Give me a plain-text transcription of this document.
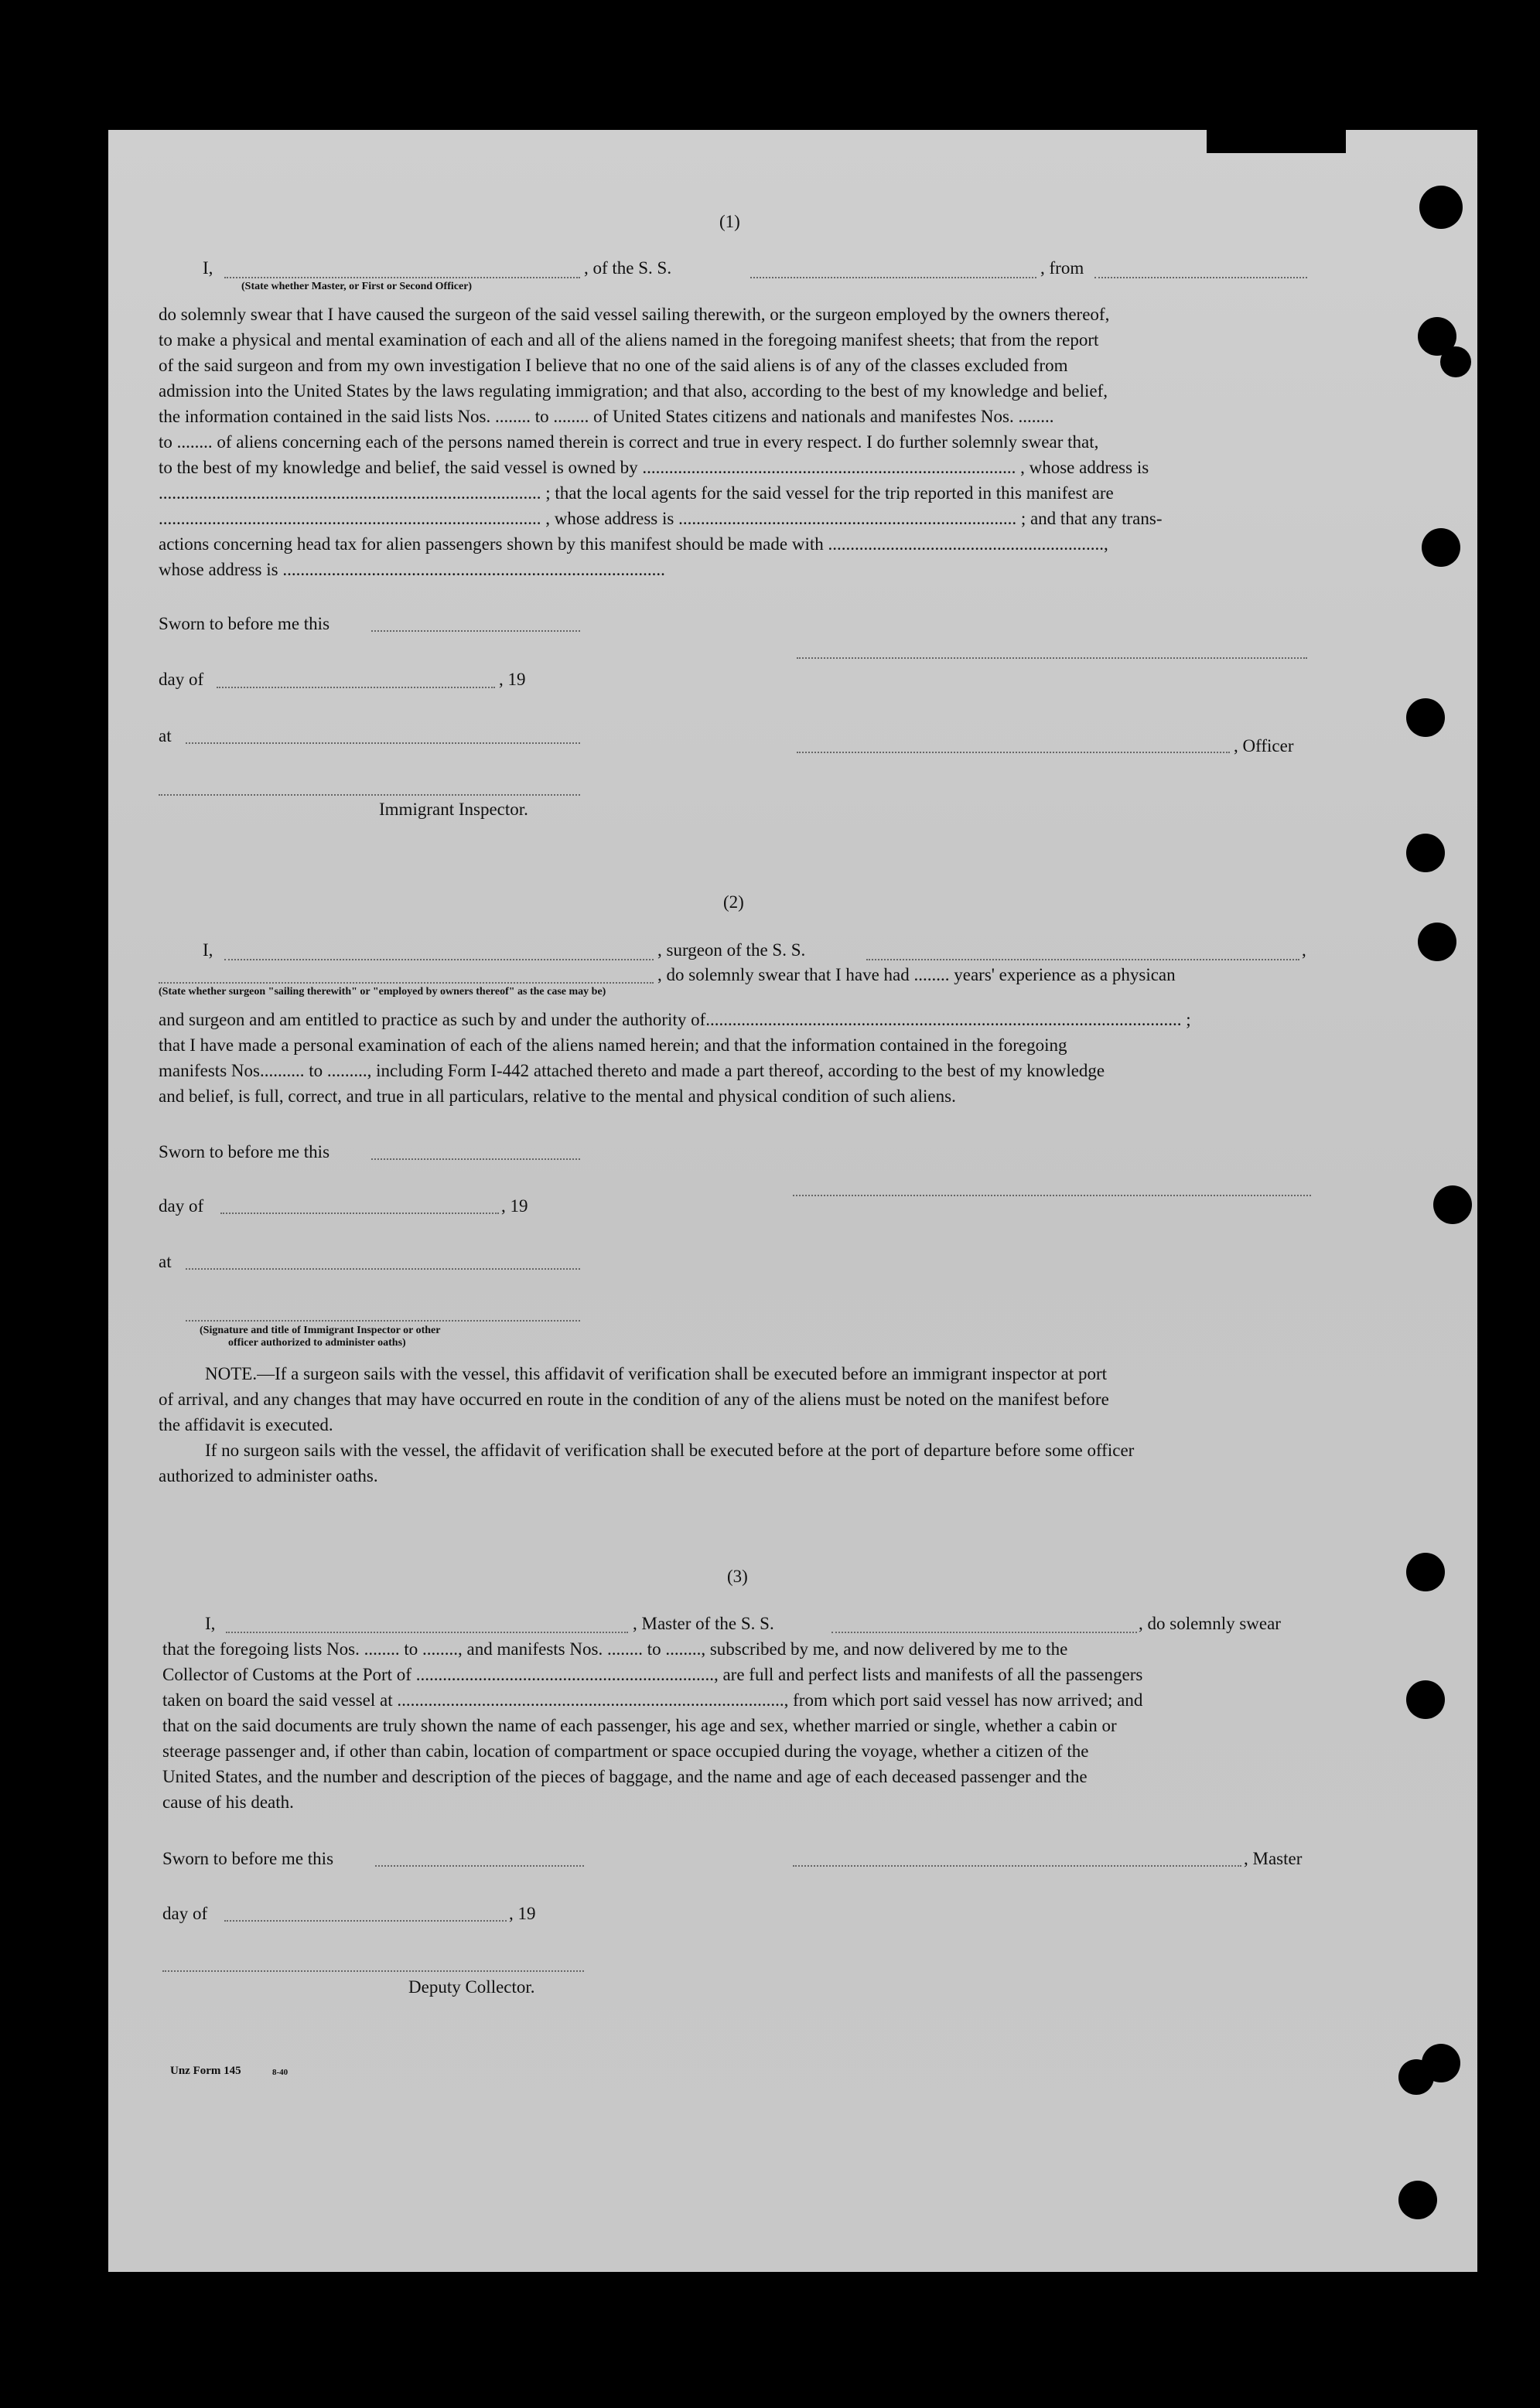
(1)
I,	, of the S. S.	, from
(State whether Master, or First or Second Officer)
do solemnly swear that I have caused the surgeon of the said vessel sailing therewith, or the surgeon employed by the owners thereof,
to make a physical and mental examination of each and all of the aliens named in the foregoing manifest sheets; that from the report
of the said surgeon and from my own investigation I believe that no one of the said aliens is of any of the classes excluded from
admission into the United States by the laws regulating immigration; and that also, according to the best of my knowledge and belief,
the information contained in the said lists Nos. ........ to ........ of United States citizens and nationals and manifestes Nos. ........
to ........ of aliens concerning each of the persons named therein is correct and true in every respect. I do further solemnly swear that,
to the best of my knowledge and belief, the said vessel is owned by .................................................................................... , whose address is
...................................................................................... ; that the local agents for the said vessel for the trip reported in this manifest are
...................................................................................... , whose address is ............................................................................ ; and that any trans-
actions concerning head tax for alien passengers shown by this manifest should be made with ..............................................................,
whose address is ......................................................................................
Sworn to before me this
day of	, 19
at
, Officer
Immigrant Inspector.
(2)
I,	, surgeon of the S. S.	,
, do solemnly swear that I have had ........ years' experience as a physican
(State whether surgeon "sailing therewith" or "employed by owners thereof" as the case may be)
and surgeon and am entitled to practice as such by and under the authority of........................................................................................................... ;
that I have made a personal examination of each of the aliens named herein; and that the information contained in the foregoing
manifests Nos.......... to ........., including Form I-442 attached thereto and made a part thereof, according to the best of my knowledge
and belief, is full, correct, and true in all particulars, relative to the mental and physical condition of such aliens.
Sworn to before me this
day of	, 19
at
(Signature and title of Immigrant Inspector or other
officer authorized to administer oaths)
NOTE.—If a surgeon sails with the vessel, this affidavit of verification shall be executed before an immigrant inspector at port
of arrival, and any changes that may have occurred en route in the condition of any of the aliens must be noted on the manifest before
the affidavit is executed.
If no surgeon sails with the vessel, the affidavit of verification shall be executed before at the port of departure before some officer
authorized to administer oaths.
(3)
I,	, Master of the S. S.	, do solemnly swear
that the foregoing lists Nos. ........ to ........, and manifests Nos. ........ to ........, subscribed by me, and now delivered by me to the
Collector of Customs at the Port of ..................................................................., are full and perfect lists and manifests of all the passengers
taken on board the said vessel at ......................................................................................., from which port said vessel has now arrived; and
that on the said documents are truly shown the name of each passenger, his age and sex, whether married or single, whether a cabin or
steerage passenger and, if other than cabin, location of compartment or space occupied during the voyage, whether a citizen of the
United States, and the number and description of the pieces of baggage, and the name and age of each deceased passenger and the
cause of his death.
Sworn to before me this	, Master
day of	, 19
Deputy Collector.
Unz Form 145	8-40
